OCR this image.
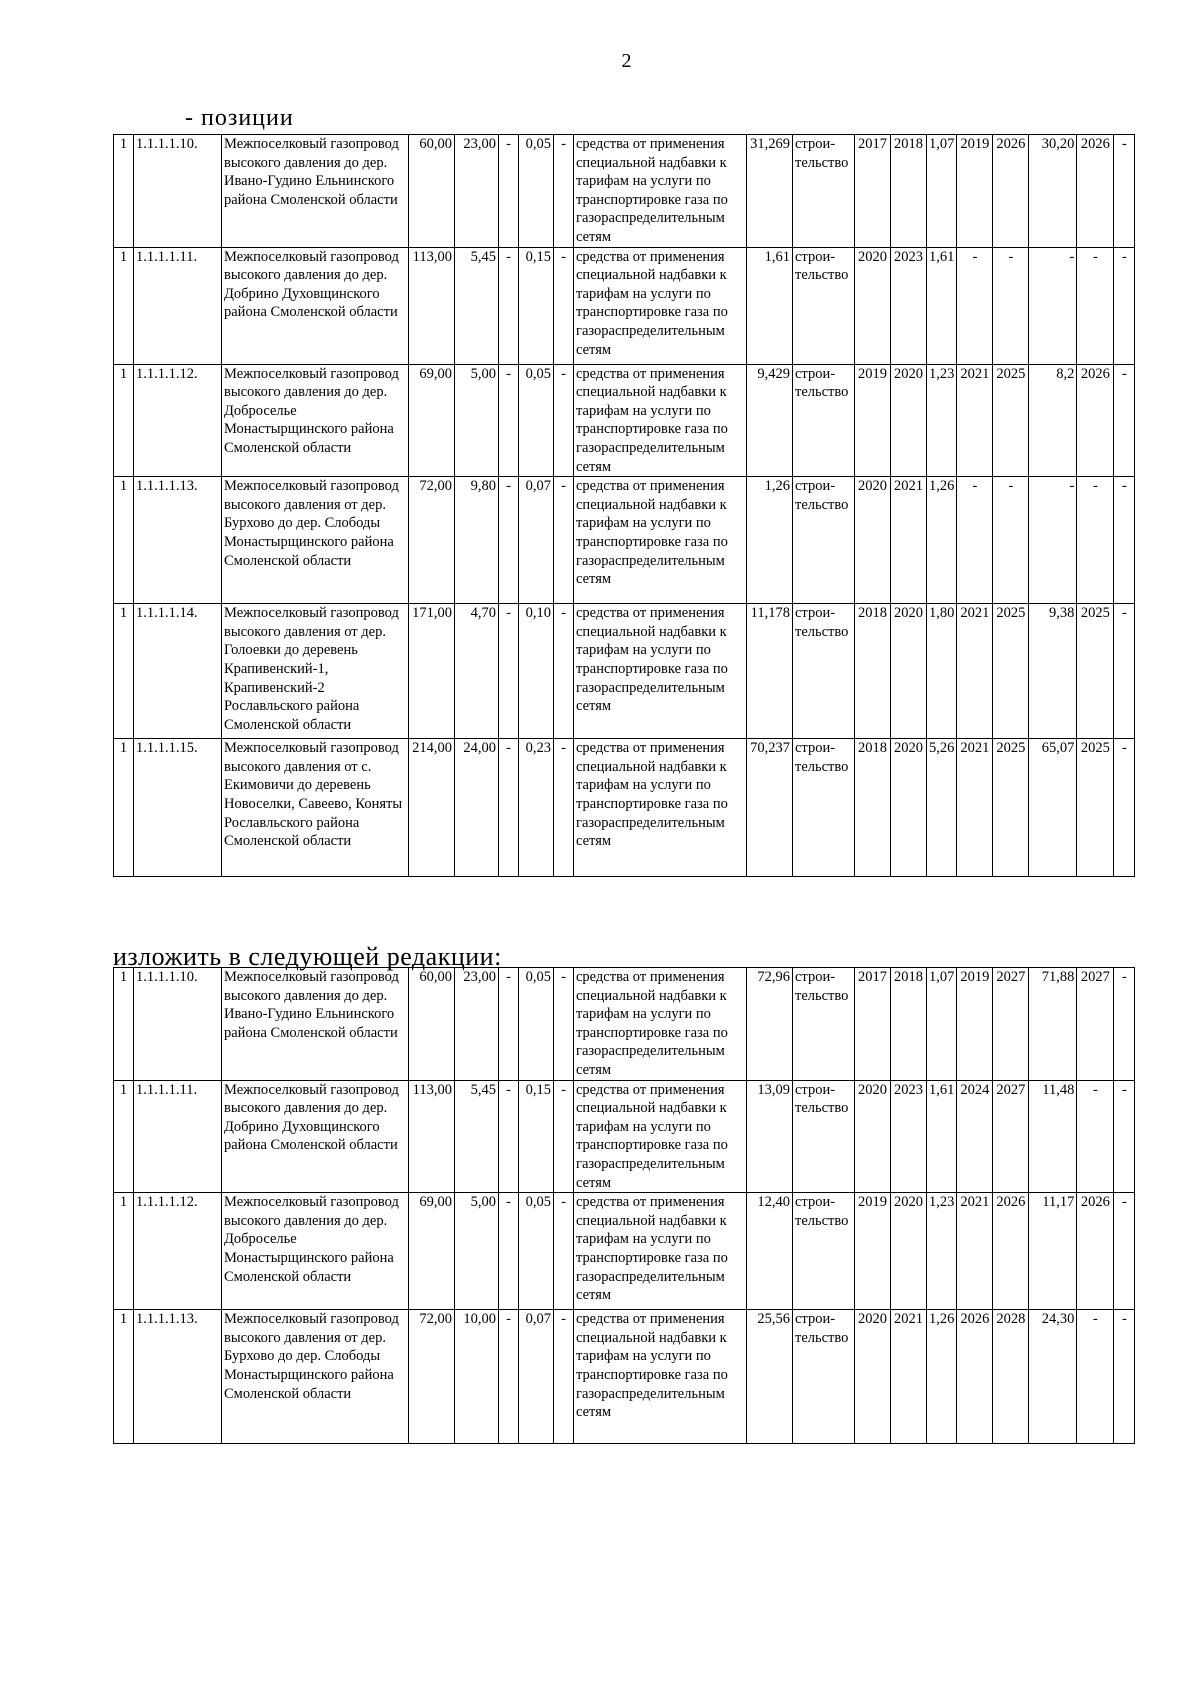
2
- позиции
1	1.1.1.1.10.	Межпоселковый газопровод высокого давления до дер. Ивано-Гудино Ельнинского района Смоленской области	60,00	23,00	-	0,05	-	средства от применения специальной надбавки к тарифам на услуги по транспортировке газа по газораспределительным сетям	31,269	строи-тельство	2017	2018	1,07	2019	2026	30,20	2026	-
1	1.1.1.1.11.	Межпоселковый газопровод высокого давления до дер. Добрино Духовщинского района Смоленской области	113,00	5,45	-	0,15	-	средства от применения специальной надбавки к тарифам на услуги по транспортировке газа по газораспределительным сетям	1,61	строи-тельство	2020	2023	1,61	-	-	-	-	-
1	1.1.1.1.12.	Межпоселковый газопровод высокого давления до дер. Доброселье Монастырщинского района Смоленской области	69,00	5,00	-	0,05	-	средства от применения специальной надбавки к тарифам на услуги по транспортировке газа по газораспределительным сетям	9,429	строи-тельство	2019	2020	1,23	2021	2025	8,2	2026	-
1	1.1.1.1.13.	Межпоселковый газопровод высокого давления от дер. Бурхово до дер. Слободы Монастырщинского района Смоленской области	72,00	9,80	-	0,07	-	средства от применения специальной надбавки к тарифам на услуги по транспортировке газа по газораспределительным сетям	1,26	строи-тельство	2020	2021	1,26	-	-	-	-	-
1	1.1.1.1.14.	Межпоселковый газопровод высокого давления от дер. Голоевки до деревень Крапивенский-1, Крапивенский-2 Рославльского района Смоленской области	171,00	4,70	-	0,10	-	средства от применения специальной надбавки к тарифам на услуги по транспортировке газа по газораспределительным сетям	11,178	строи-тельство	2018	2020	1,80	2021	2025	9,38	2025	-
1	1.1.1.1.15.	Межпоселковый газопровод высокого давления от с. Екимовичи до деревень Новоселки, Савеево, Коняты Рославльского района Смоленской области	214,00	24,00	-	0,23	-	средства от применения специальной надбавки к тарифам на услуги по транспортировке газа по газораспределительным сетям	70,237	строи-тельство	2018	2020	5,26	2021	2025	65,07	2025	-
изложить в следующей редакции:
1	1.1.1.1.10.	Межпоселковый газопровод высокого давления до дер. Ивано-Гудино Ельнинского района Смоленской области	60,00	23,00	-	0,05	-	средства от применения специальной надбавки к тарифам на услуги по транспортировке газа по газораспределительным сетям	72,96	строи-тельство	2017	2018	1,07	2019	2027	71,88	2027	-
1	1.1.1.1.11.	Межпоселковый газопровод высокого давления до дер. Добрино Духовщинского района Смоленской области	113,00	5,45	-	0,15	-	средства от применения специальной надбавки к тарифам на услуги по транспортировке газа по газораспределительным сетям	13,09	строи-тельство	2020	2023	1,61	2024	2027	11,48	-	-
1	1.1.1.1.12.	Межпоселковый газопровод высокого давления до дер. Доброселье Монастырщинского района Смоленской области	69,00	5,00	-	0,05	-	средства от применения специальной надбавки к тарифам на услуги по транспортировке газа по газораспределительным сетям	12,40	строи-тельство	2019	2020	1,23	2021	2026	11,17	2026	-
1	1.1.1.1.13.	Межпоселковый газопровод высокого давления от дер. Бурхово до дер. Слободы Монастырщинского района Смоленской области	72,00	10,00	-	0,07	-	средства от применения специальной надбавки к тарифам на услуги по транспортировке газа по газораспределительным сетям	25,56	строи-тельство	2020	2021	1,26	2026	2028	24,30	-	-
